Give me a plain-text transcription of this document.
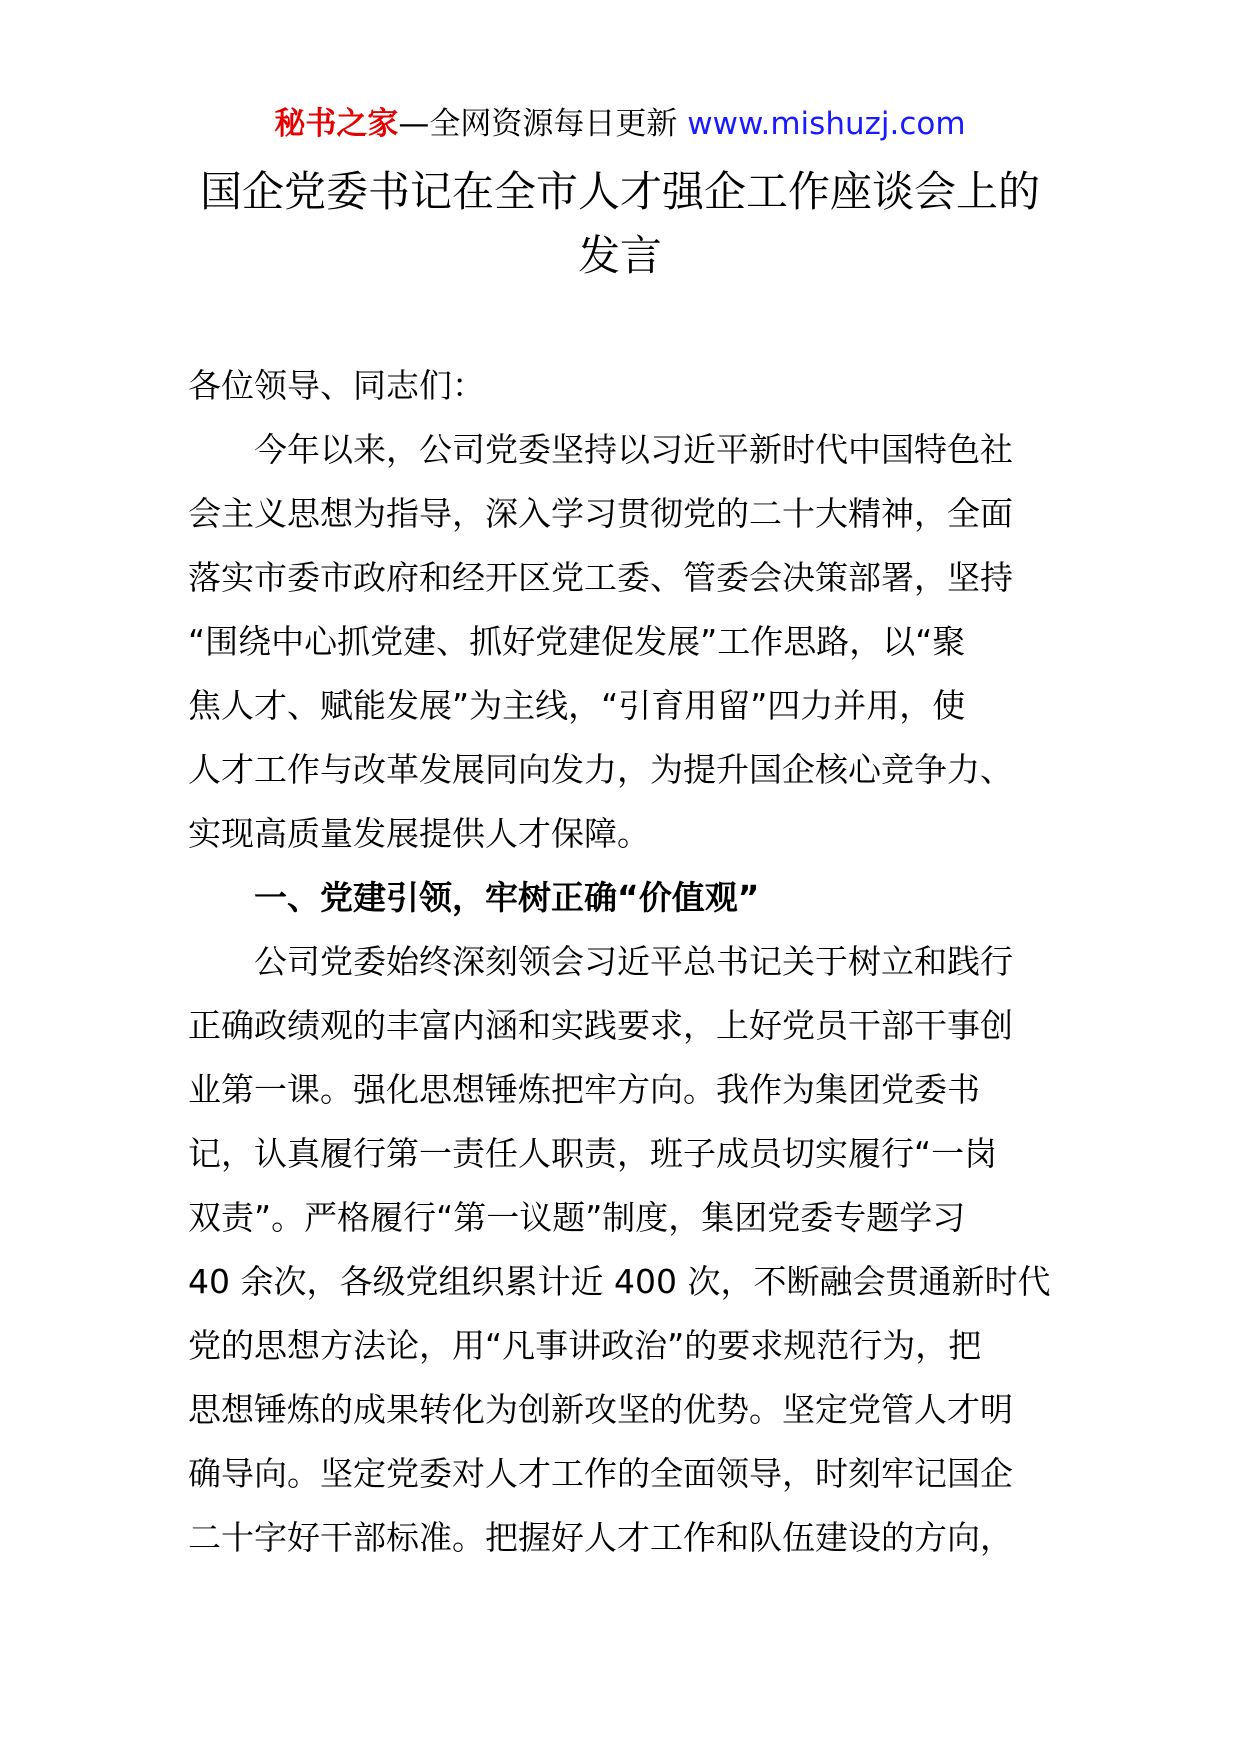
秘书之家—全网资源每日更新 www.mishuzj.com
国企党委书记在全市人才强企工作座谈会上的
发言
各位领导、同志们：
今年以来，公司党委坚持以习近平新时代中国特色社
会主义思想为指导，深入学习贯彻党的二十大精神，全面
落实市委市政府和经开区党工委、管委会决策部署，坚持
“围绕中心抓党建、抓好党建促发展”工作思路，以“聚
焦人才、赋能发展”为主线，“引育用留”四力并用，使
人才工作与改革发展同向发力，为提升国企核心竞争力、
实现高质量发展提供人才保障。
一、党建引领，牢树正确“价值观”
公司党委始终深刻领会习近平总书记关于树立和践行
正确政绩观的丰富内涵和实践要求，上好党员干部干事创
业第一课。强化思想锤炼把牢方向。我作为集团党委书
记，认真履行第一责任人职责，班子成员切实履行“一岗
双责”。严格履行“第一议题”制度，集团党委专题学习
40 余次，各级党组织累计近 400 次，不断融会贯通新时代
党的思想方法论，用“凡事讲政治”的要求规范行为，把
思想锤炼的成果转化为创新攻坚的优势。坚定党管人才明
确导向。坚定党委对人才工作的全面领导，时刻牢记国企
二十字好干部标准。把握好人才工作和队伍建设的方向，
